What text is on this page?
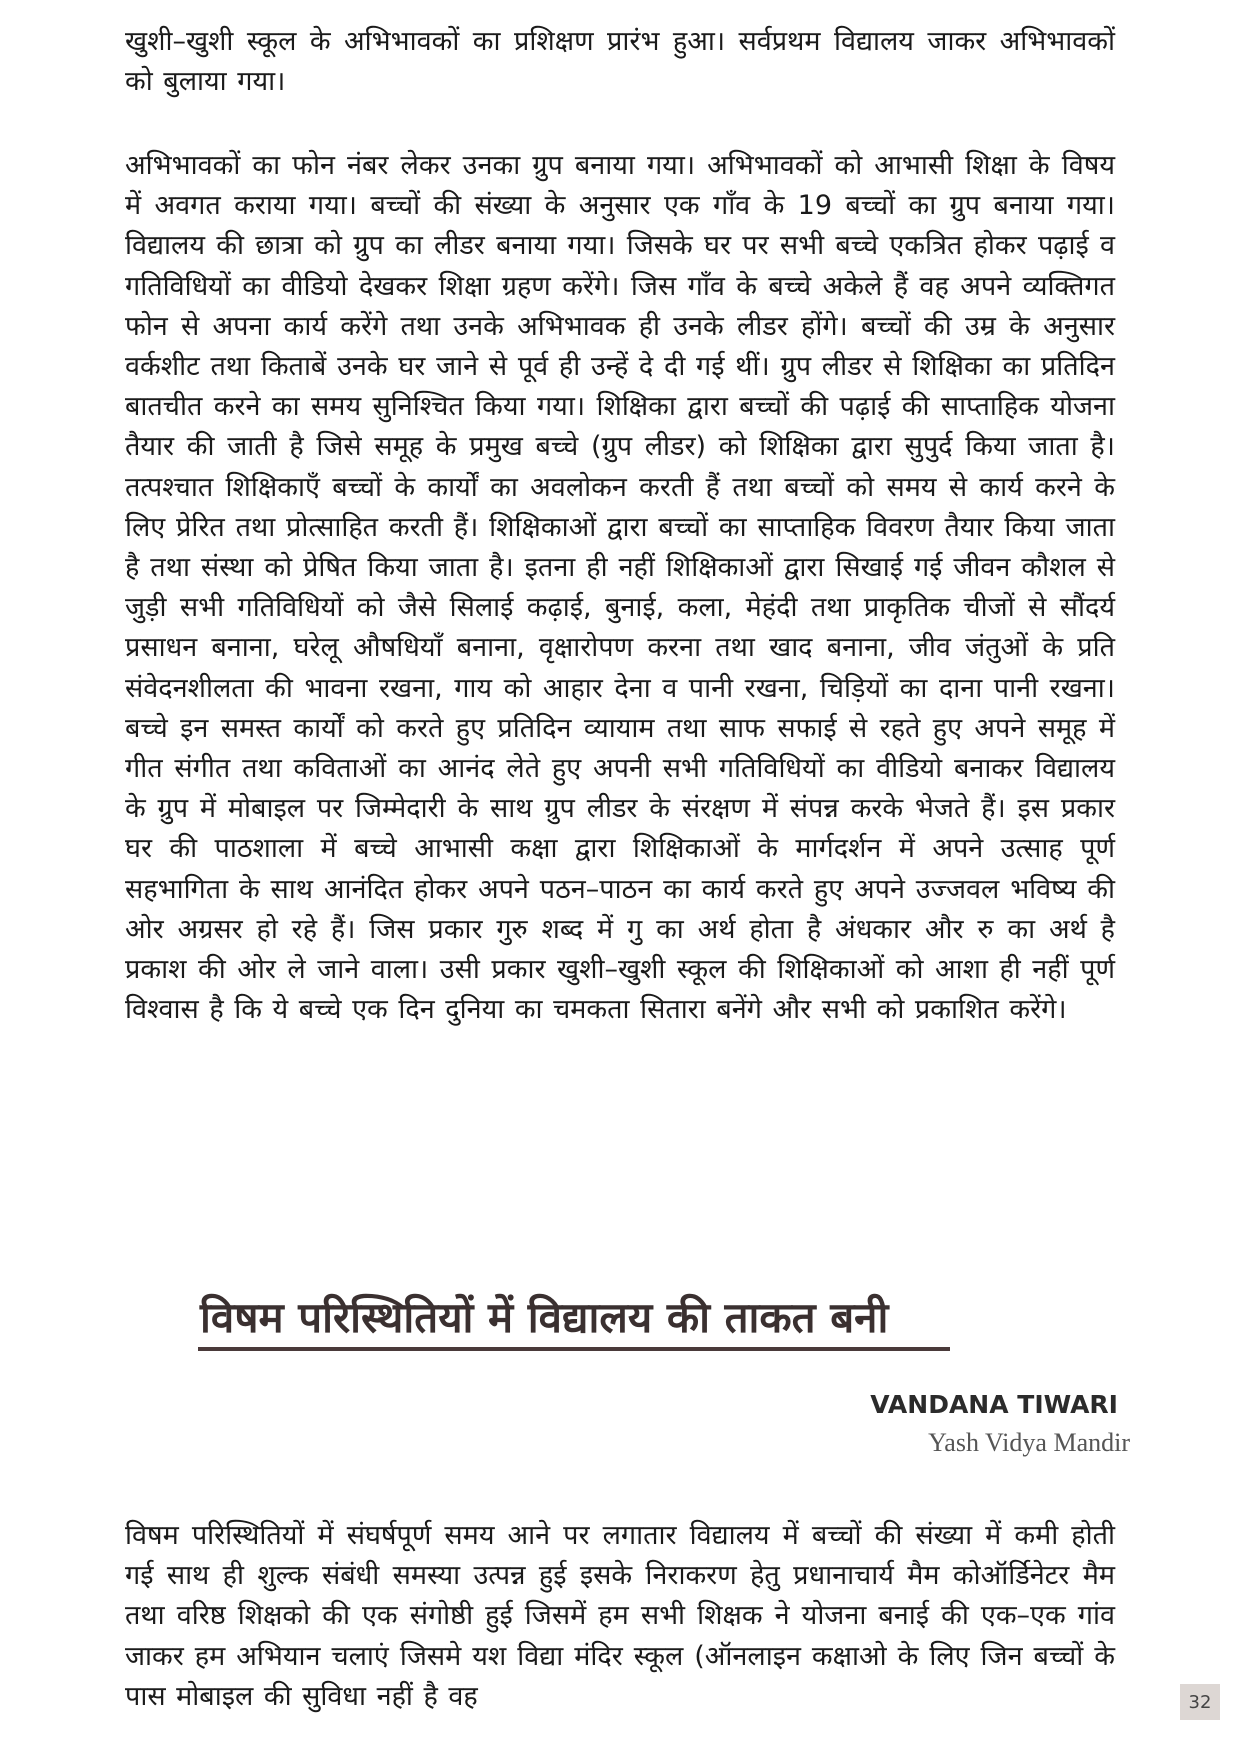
खुशी–खुशी स्कूल के अभिभावकों का प्रशिक्षण प्रारंभ हुआ। सर्वप्रथम विद्यालय जाकर अभिभावकों को बुलाया गया।

अभिभावकों का फोन नंबर लेकर उनका ग्रुप बनाया गया। अभिभावकों को आभासी शिक्षा के विषय में अवगत कराया गया। बच्चों की संख्या के अनुसार एक गाँव के 19 बच्चों का ग्रुप बनाया गया। विद्यालय की छात्रा को ग्रुप का लीडर बनाया गया। जिसके घर पर सभी बच्चे एकत्रित होकर पढ़ाई व गतिविधियों का वीडियो देखकर शिक्षा ग्रहण करेंगे। जिस गाँव के बच्चे अकेले हैं वह अपने व्यक्तिगत फोन से अपना कार्य करेंगे तथा उनके अभिभावक ही उनके लीडर होंगे। बच्चों की उम्र के अनुसार वर्कशीट तथा किताबें उनके घर जाने से पूर्व ही उन्हें दे दी गई थीं। ग्रुप लीडर से शिक्षिका का प्रतिदिन बातचीत करने का समय सुनिश्चित किया गया। शिक्षिका द्वारा बच्चों की पढ़ाई की साप्ताहिक योजना तैयार की जाती है जिसे समूह के प्रमुख बच्चे (ग्रुप लीडर) को शिक्षिका द्वारा सुपुर्द किया जाता है। तत्पश्चात शिक्षिकाएँ बच्चों के कार्यों का अवलोकन करती हैं तथा बच्चों को समय से कार्य करने के लिए प्रेरित तथा प्रोत्साहित करती हैं। शिक्षिकाओं द्वारा बच्चों का साप्ताहिक विवरण तैयार किया जाता है तथा संस्था को प्रेषित किया जाता है। इतना ही नहीं शिक्षिकाओं द्वारा सिखाई गई जीवन कौशल से जुड़ी सभी गतिविधियों को जैसे सिलाई कढ़ाई, बुनाई, कला, मेहंदी तथा प्राकृतिक चीजों से सौंदर्य प्रसाधन बनाना, घरेलू औषधियाँ बनाना, वृक्षारोपण करना तथा खाद बनाना, जीव जंतुओं के प्रति संवेदनशीलता की भावना रखना, गाय को आहार देना व पानी रखना, चिड़ियों का दाना पानी रखना। बच्चे इन समस्त कार्यों को करते हुए प्रतिदिन व्यायाम तथा साफ सफाई से रहते हुए अपने समूह में गीत संगीत तथा कविताओं का आनंद लेते हुए अपनी सभी गतिविधियों का वीडियो बनाकर विद्यालय के ग्रुप में मोबाइल पर जिम्मेदारी के साथ ग्रुप लीडर के संरक्षण में संपन्न करके भेजते हैं। इस प्रकार घर की पाठशाला में बच्चे आभासी कक्षा द्वारा शिक्षिकाओं के मार्गदर्शन में अपने उत्साह पूर्ण सहभागिता के साथ आनंदित होकर अपने पठन–पाठन का कार्य करते हुए अपने उज्जवल भविष्य की ओर अग्रसर हो रहे हैं। जिस प्रकार गुरु शब्द में गु का अर्थ होता है अंधकार और रु का अर्थ है प्रकाश की ओर ले जाने वाला। उसी प्रकार खुशी–खुशी स्कूल की शिक्षिकाओं को आशा ही नहीं पूर्ण विश्वास है कि ये बच्चे एक दिन दुनिया का चमकता सितारा बनेंगे और सभी को प्रकाशित करेंगे।

विषम परिस्थितियों में विद्यालय की ताकत बनी
VANDANA TIWARI
Yash Vidya Mandir

विषम परिस्थितियों में संघर्षपूर्ण समय आने पर लगातार विद्यालय में बच्चों की संख्या में कमी होती गई साथ ही शुल्क संबंधी समस्या उत्पन्न हुई इसके निराकरण हेतु प्रधानाचार्य मैम कोऑर्डिनेटर मैम तथा वरिष्ठ शिक्षको की एक संगोष्ठी हुई जिसमें हम सभी शिक्षक ने योजना बनाई की एक–एक गांव जाकर हम अभियान चलाएं जिसमे यश विद्या मंदिर स्कूल (ऑनलाइन कक्षाओ के लिए जिन बच्चों के पास मोबाइल की सुविधा नहीं है वह	32
